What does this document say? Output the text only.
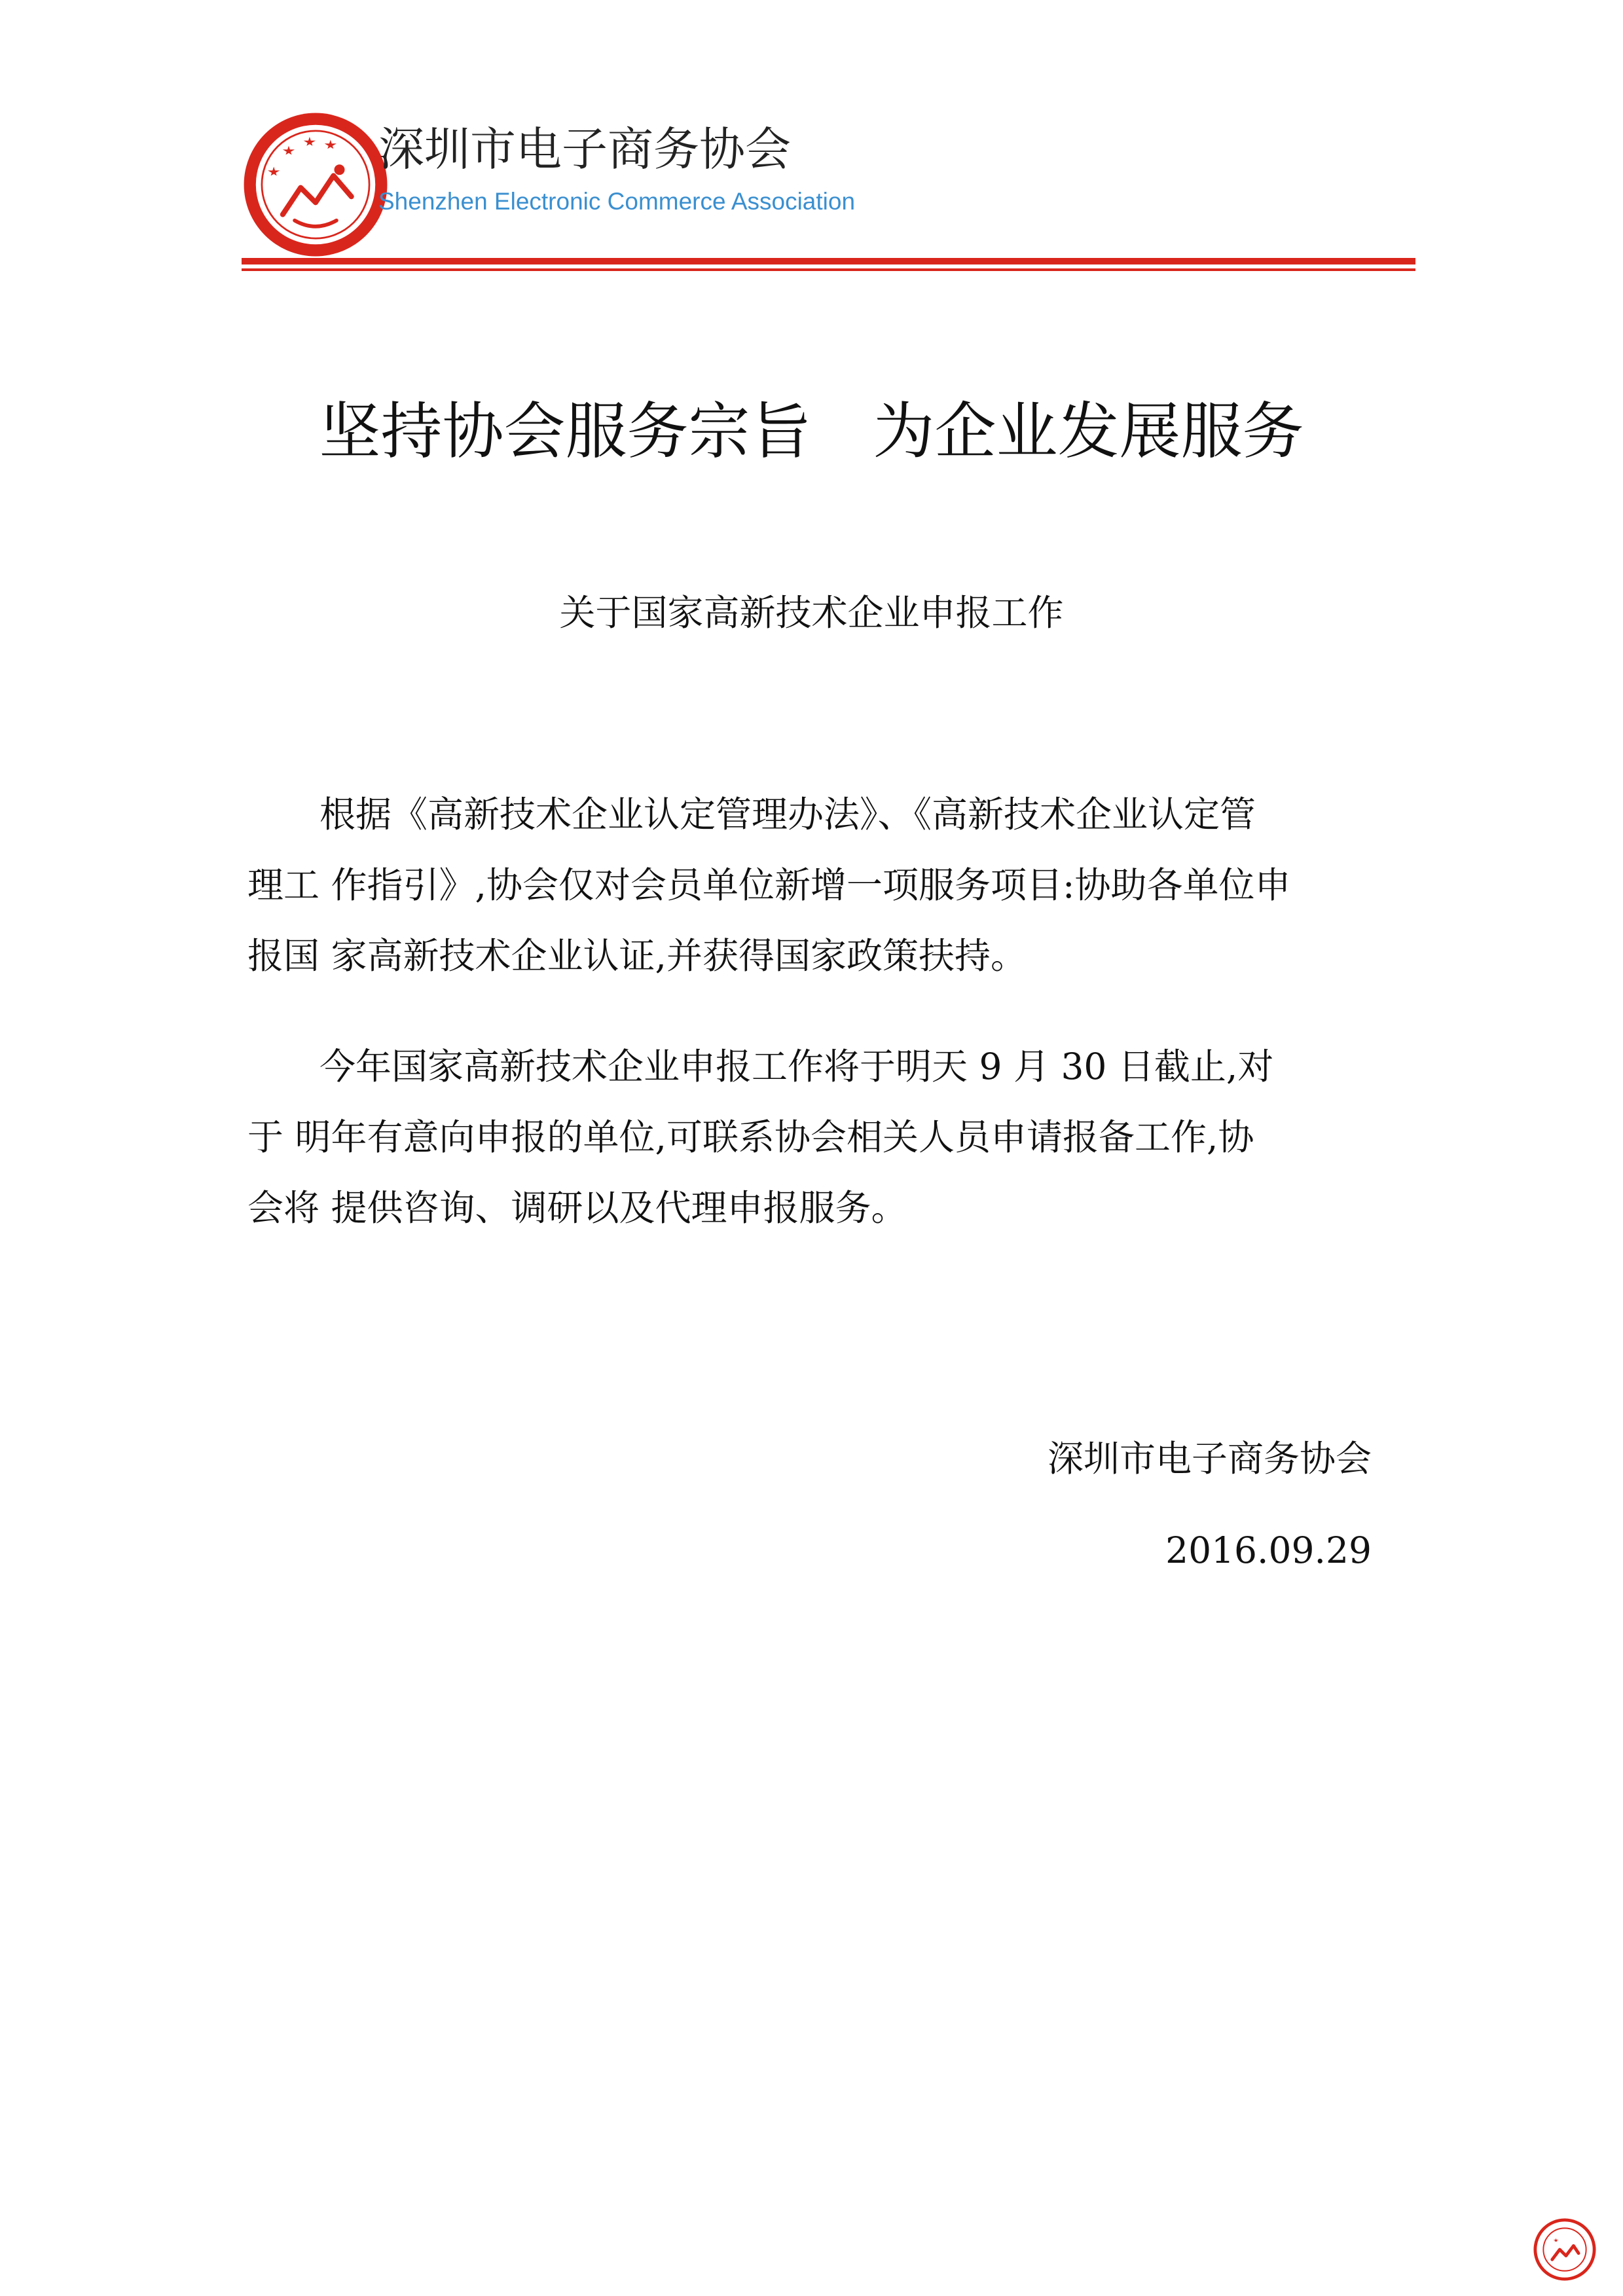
深圳市电子商务协会
Shenzhen Electronic Commerce Association
坚持协会服务宗旨　为企业发展服务
关于国家高新技术企业申报工作
根据《高新技术企业认定管理办法》、《高新技术企业认定管
理工 作指引》,协会仅对会员单位新增一项服务项目:协助各单位申
报国 家高新技术企业认证,并获得国家政策扶持。
今年国家高新技术企业申报工作将于明天 9 月 30 日截止,对
于 明年有意向申报的单位,可联系协会相关人员申请报备工作,协
会将 提供咨询、调研以及代理申报服务。
深圳市电子商务协会
2016.09.29
